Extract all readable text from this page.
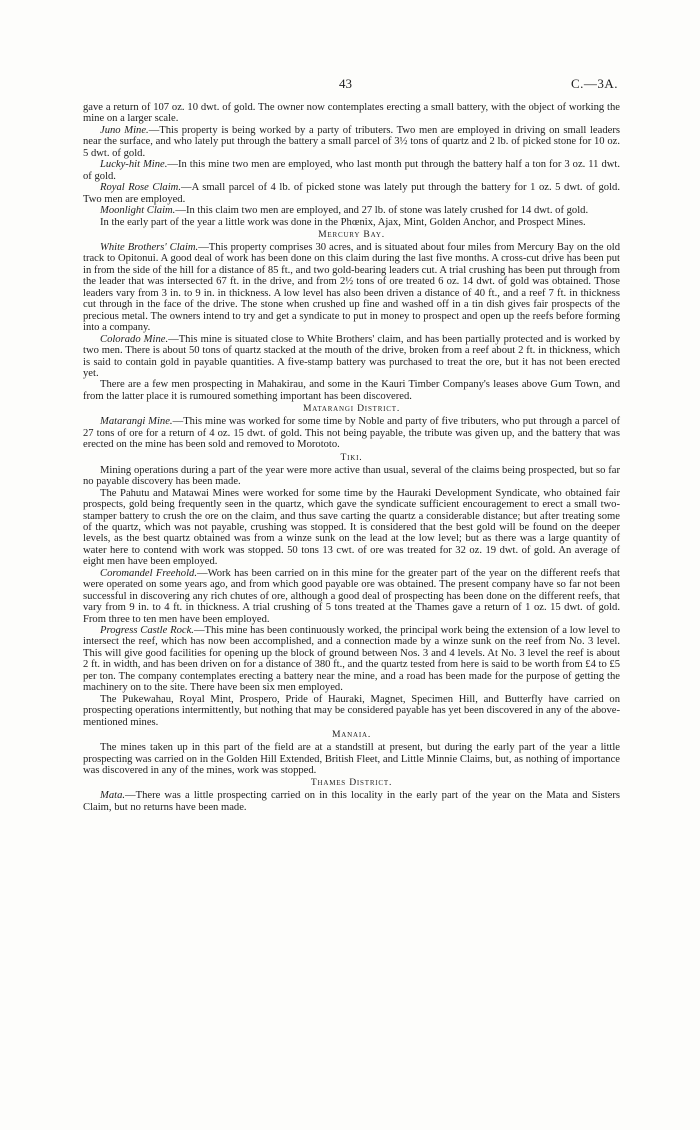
43	C.—3A.

gave a return of 107 oz. 10 dwt. of gold. The owner now contemplates erecting a small battery, with the object of working the mine on a larger scale.

Juno Mine.—This property is being worked by a party of tributers. Two men are employed in driving on small leaders near the surface, and who lately put through the battery a small parcel of 3½ tons of quartz and 2 lb. of picked stone for 10 oz. 5 dwt. of gold.

Lucky-hit Mine.—In this mine two men are employed, who last month put through the battery half a ton for 3 oz. 11 dwt. of gold.

Royal Rose Claim.—A small parcel of 4 lb. of picked stone was lately put through the battery for 1 oz. 5 dwt. of gold. Two men are employed.

Moonlight Claim.—In this claim two men are employed, and 27 lb. of stone was lately crushed for 14 dwt. of gold.

In the early part of the year a little work was done in the Phœnix, Ajax, Mint, Golden Anchor, and Prospect Mines.

Mercury Bay.

White Brothers' Claim.—This property comprises 30 acres, and is situated about four miles from Mercury Bay on the old track to Opitonui. A good deal of work has been done on this claim during the last five months. A cross-cut drive has been put in from the side of the hill for a distance of 85 ft., and two gold-bearing leaders cut. A trial crushing has been put through from the leader that was intersected 67 ft. in the drive, and from 2½ tons of ore treated 6 oz. 14 dwt. of gold was obtained. Those leaders vary from 3 in. to 9 in. in thickness. A low level has also been driven a distance of 40 ft., and a reef 7 ft. in thickness cut through in the face of the drive. The stone when crushed up fine and washed off in a tin dish gives fair prospects of the precious metal. The owners intend to try and get a syndicate to put in money to prospect and open up the reefs before forming into a company.

Colorado Mine.—This mine is situated close to White Brothers' claim, and has been partially protected and is worked by two men. There is about 50 tons of quartz stacked at the mouth of the drive, broken from a reef about 2 ft. in thickness, which is said to contain gold in payable quantities. A five-stamp battery was purchased to treat the ore, but it has not been erected yet.

There are a few men prospecting in Mahakirau, and some in the Kauri Timber Company's leases above Gum Town, and from the latter place it is rumoured something important has been discovered.

Matarangi District.

Matarangi Mine.—This mine was worked for some time by Noble and party of five tributers, who put through a parcel of 27 tons of ore for a return of 4 oz. 15 dwt. of gold. This not being payable, the tribute was given up, and the battery that was erected on the mine has been sold and removed to Morototo.

Tiki.

Mining operations during a part of the year were more active than usual, several of the claims being prospected, but so far no payable discovery has been made.

The Pahutu and Matawai Mines were worked for some time by the Hauraki Development Syndicate, who obtained fair prospects, gold being frequently seen in the quartz, which gave the syndicate sufficient encouragement to erect a small two-stamper battery to crush the ore on the claim, and thus save carting the quartz a considerable distance; but after treating some of the quartz, which was not payable, crushing was stopped. It is considered that the best gold will be found on the deeper levels, as the best quartz obtained was from a winze sunk on the lead at the low level; but as there was a large quantity of water here to contend with work was stopped. 50 tons 13 cwt. of ore was treated for 32 oz. 19 dwt. of gold. An average of eight men have been employed.

Coromandel Freehold.—Work has been carried on in this mine for the greater part of the year on the different reefs that were operated on some years ago, and from which good payable ore was obtained. The present company have so far not been successful in discovering any rich chutes of ore, although a good deal of prospecting has been done on the different reefs, that vary from 9 in. to 4 ft. in thickness. A trial crushing of 5 tons treated at the Thames gave a return of 1 oz. 15 dwt. of gold. From three to ten men have been employed.

Progress Castle Rock.—This mine has been continuously worked, the principal work being the extension of a low level to intersect the reef, which has now been accomplished, and a connection made by a winze sunk on the reef from No. 3 level. This will give good facilities for opening up the block of ground between Nos. 3 and 4 levels. At No. 3 level the reef is about 2 ft. in width, and has been driven on for a distance of 380 ft., and the quartz tested from here is said to be worth from £4 to £5 per ton. The company contemplates erecting a battery near the mine, and a road has been made for the purpose of getting the machinery on to the site. There have been six men employed.

The Pukewahau, Royal Mint, Prospero, Pride of Hauraki, Magnet, Specimen Hill, and Butterfly have carried on prospecting operations intermittently, but nothing that may be considered payable has yet been discovered in any of the above-mentioned mines.

Manaia.

The mines taken up in this part of the field are at a standstill at present, but during the early part of the year a little prospecting was carried on in the Golden Hill Extended, British Fleet, and Little Minnie Claims, but, as nothing of importance was discovered in any of the mines, work was stopped.

Thames District.

Mata.—There was a little prospecting carried on in this locality in the early part of the year on the Mata and Sisters Claim, but no returns have been made.
